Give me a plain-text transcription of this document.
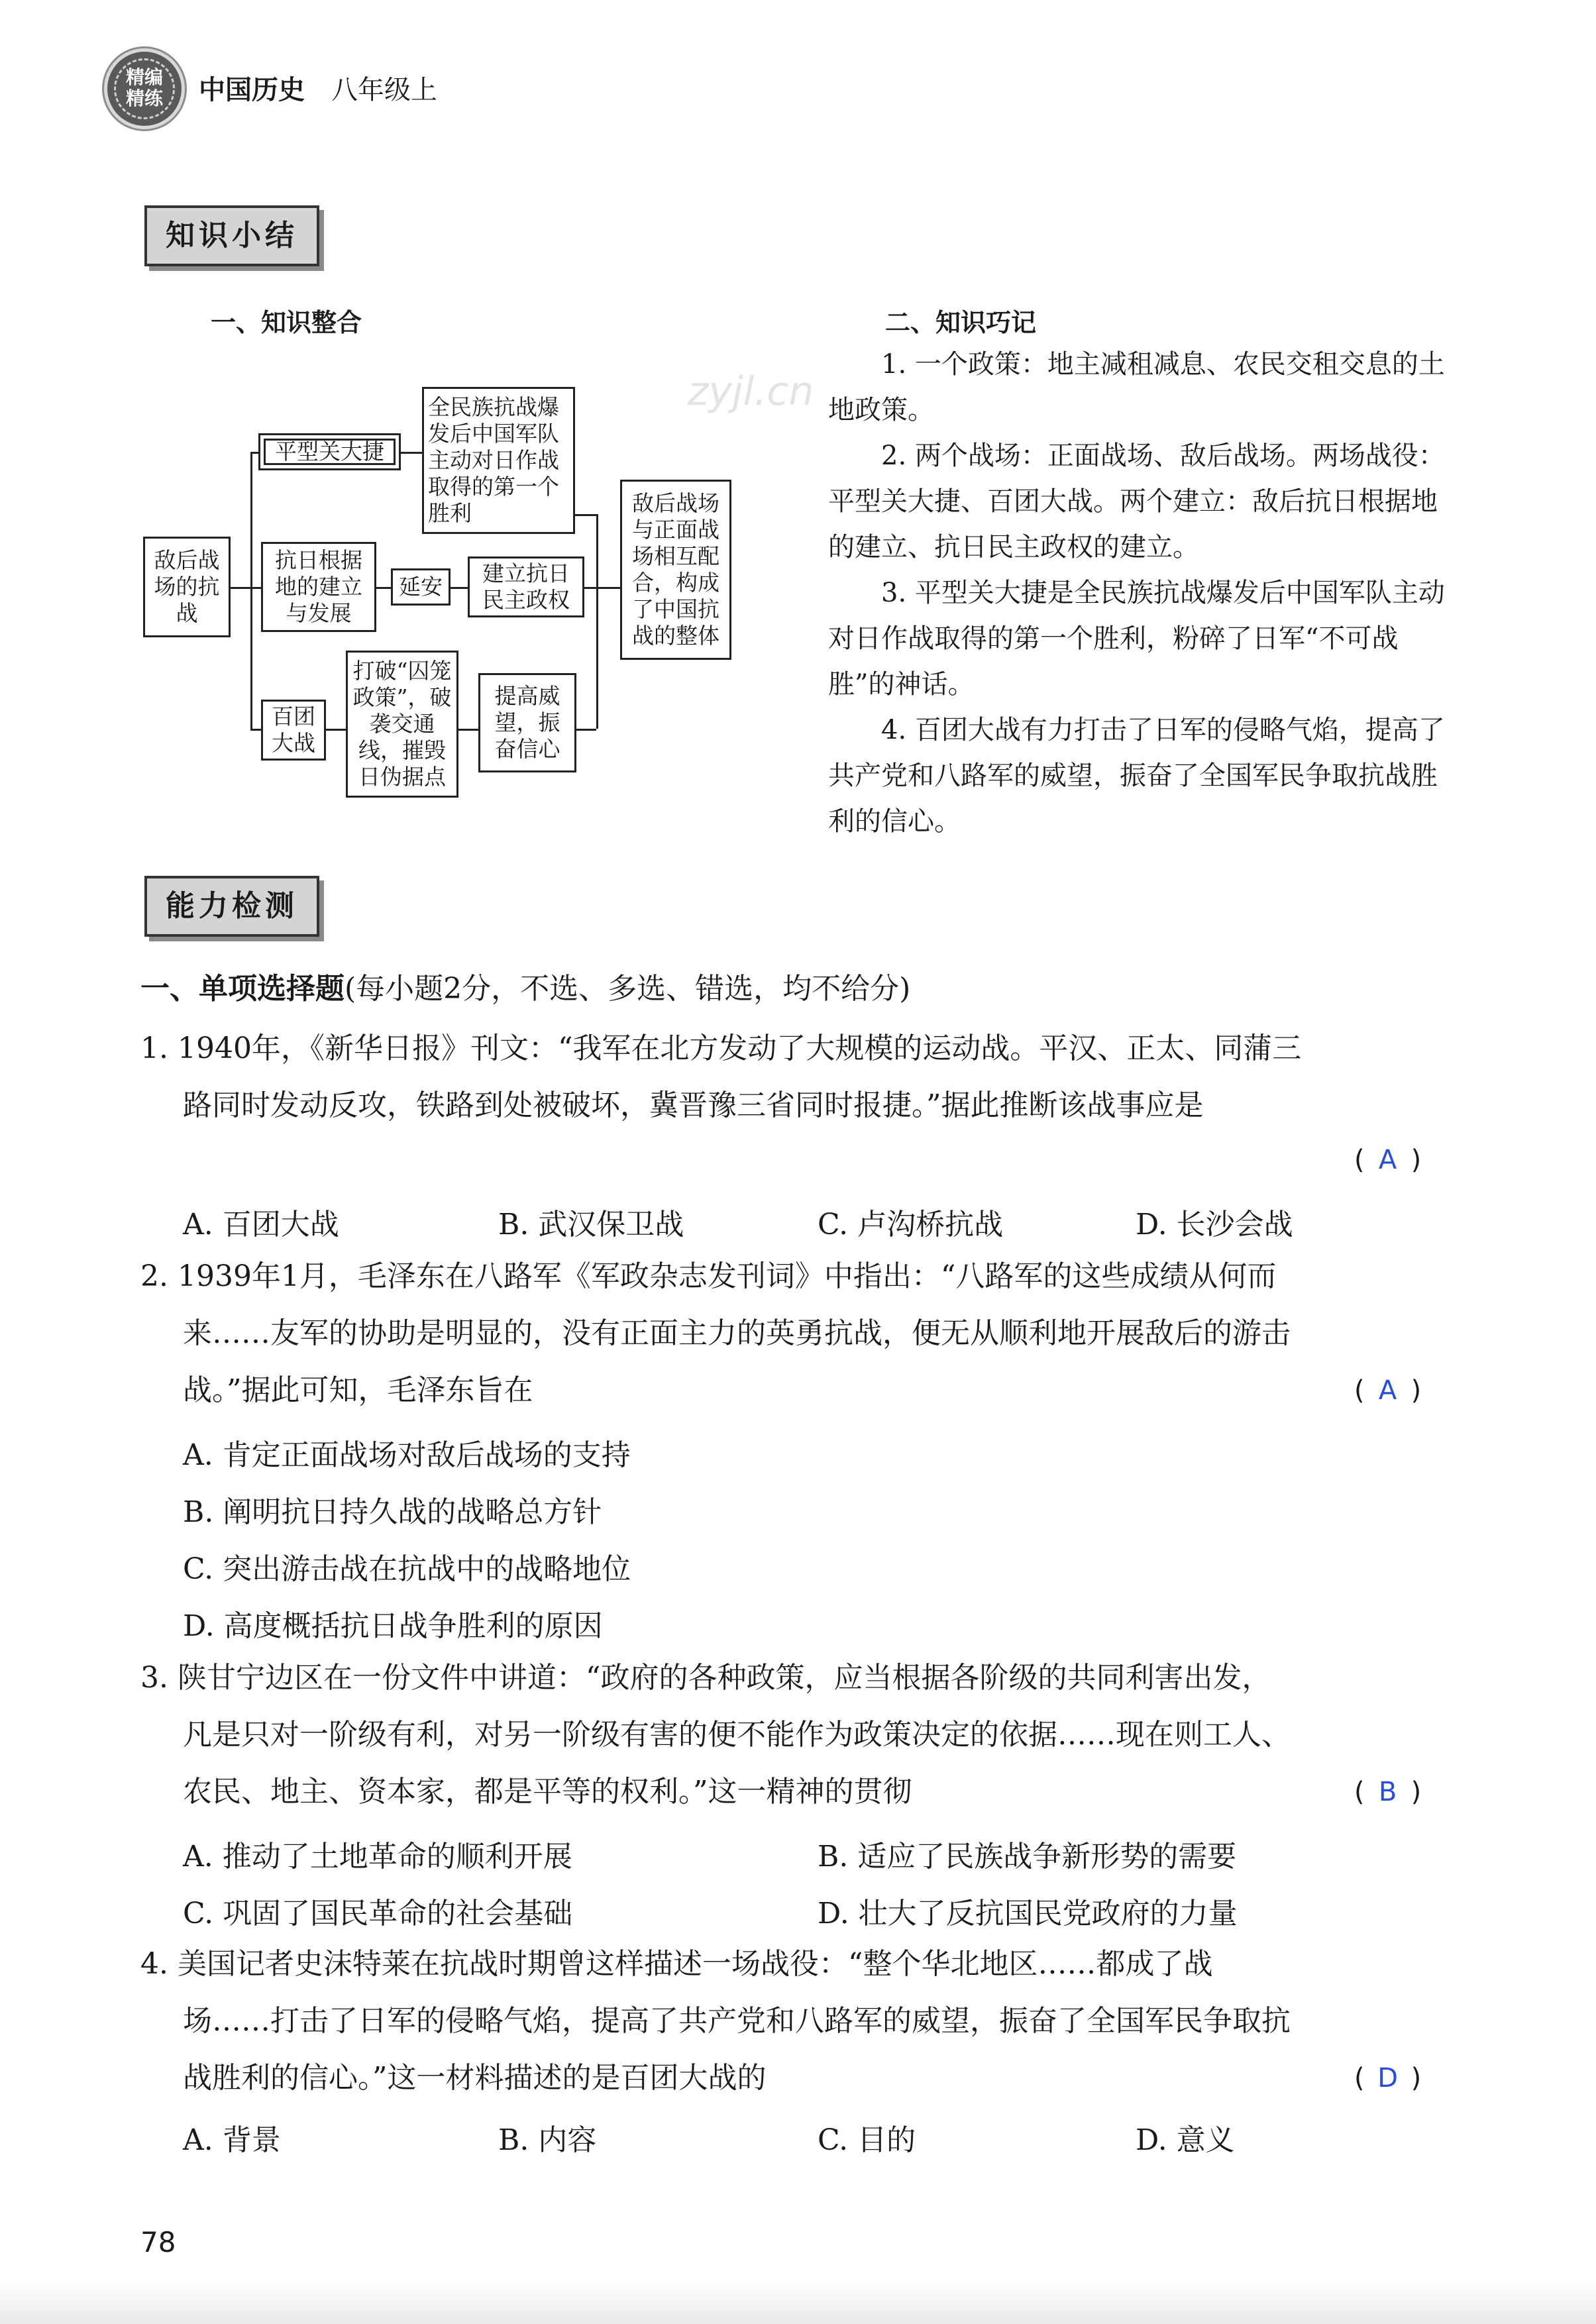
精编
精练	中国历史 八年级上
zyjl.cn
知识小结
一、知识整合	二、知识巧记
敌后战场的抗战
平型关大捷
全民族抗战爆发后中国军队主动对日作战取得的第一个胜利
抗日根据地的建立与发展
延安
建立抗日民主政权
百团大战
打破“囚笼政策”，破袭交通线，摧毁日伪据点
提高威望，振奋信心
敌后战场与正面战场相互配合，构成了中国抗战的整体

1. 一个政策：地主减租减息、农民交租交息的土地政策。

2. 两个战场：正面战场、敌后战场。两场战役：平型关大捷、百团大战。两个建立：敌后抗日根据地的建立、抗日民主政权的建立。

3. 平型关大捷是全民族抗战爆发后中国军队主动对日作战取得的第一个胜利，粉碎了日军“不可战胜”的神话。

4. 百团大战有力打击了日军的侵略气焰，提高了共产党和八路军的威望，振奋了全国军民争取抗战胜利的信心。

能力检测
一、单项选择题(每小题2分，不选、多选、错选，均不给分)
1. 1940年，《新华日报》刊文：“我军在北方发动了大规模的运动战。平汉、正太、同蒲三
路同时发动反攻，铁路到处被破坏，冀晋豫三省同时报捷。”据此推断该战事应是
( A )
A. 百团大战	B. 武汉保卫战	C. 卢沟桥抗战	D. 长沙会战
2. 1939年1月，毛泽东在八路军《军政杂志发刊词》中指出：“八路军的这些成绩从何而
来……友军的协助是明显的，没有正面主力的英勇抗战，便无从顺利地开展敌后的游击
战。”据此可知，毛泽东旨在	( A )
A. 肯定正面战场对敌后战场的支持
B. 阐明抗日持久战的战略总方针
C. 突出游击战在抗战中的战略地位
D. 高度概括抗日战争胜利的原因
3. 陕甘宁边区在一份文件中讲道：“政府的各种政策，应当根据各阶级的共同利害出发，
凡是只对一阶级有利，对另一阶级有害的便不能作为政策决定的依据……现在则工人、
农民、地主、资本家，都是平等的权利。”这一精神的贯彻	( B )
A. 推动了土地革命的顺利开展	B. 适应了民族战争新形势的需要
C. 巩固了国民革命的社会基础	D. 壮大了反抗国民党政府的力量
4. 美国记者史沫特莱在抗战时期曾这样描述一场战役：“整个华北地区……都成了战
场……打击了日军的侵略气焰，提高了共产党和八路军的威望，振奋了全国军民争取抗
战胜利的信心。”这一材料描述的是百团大战的	( D )
A. 背景	B. 内容	C. 目的	D. 意义
78
